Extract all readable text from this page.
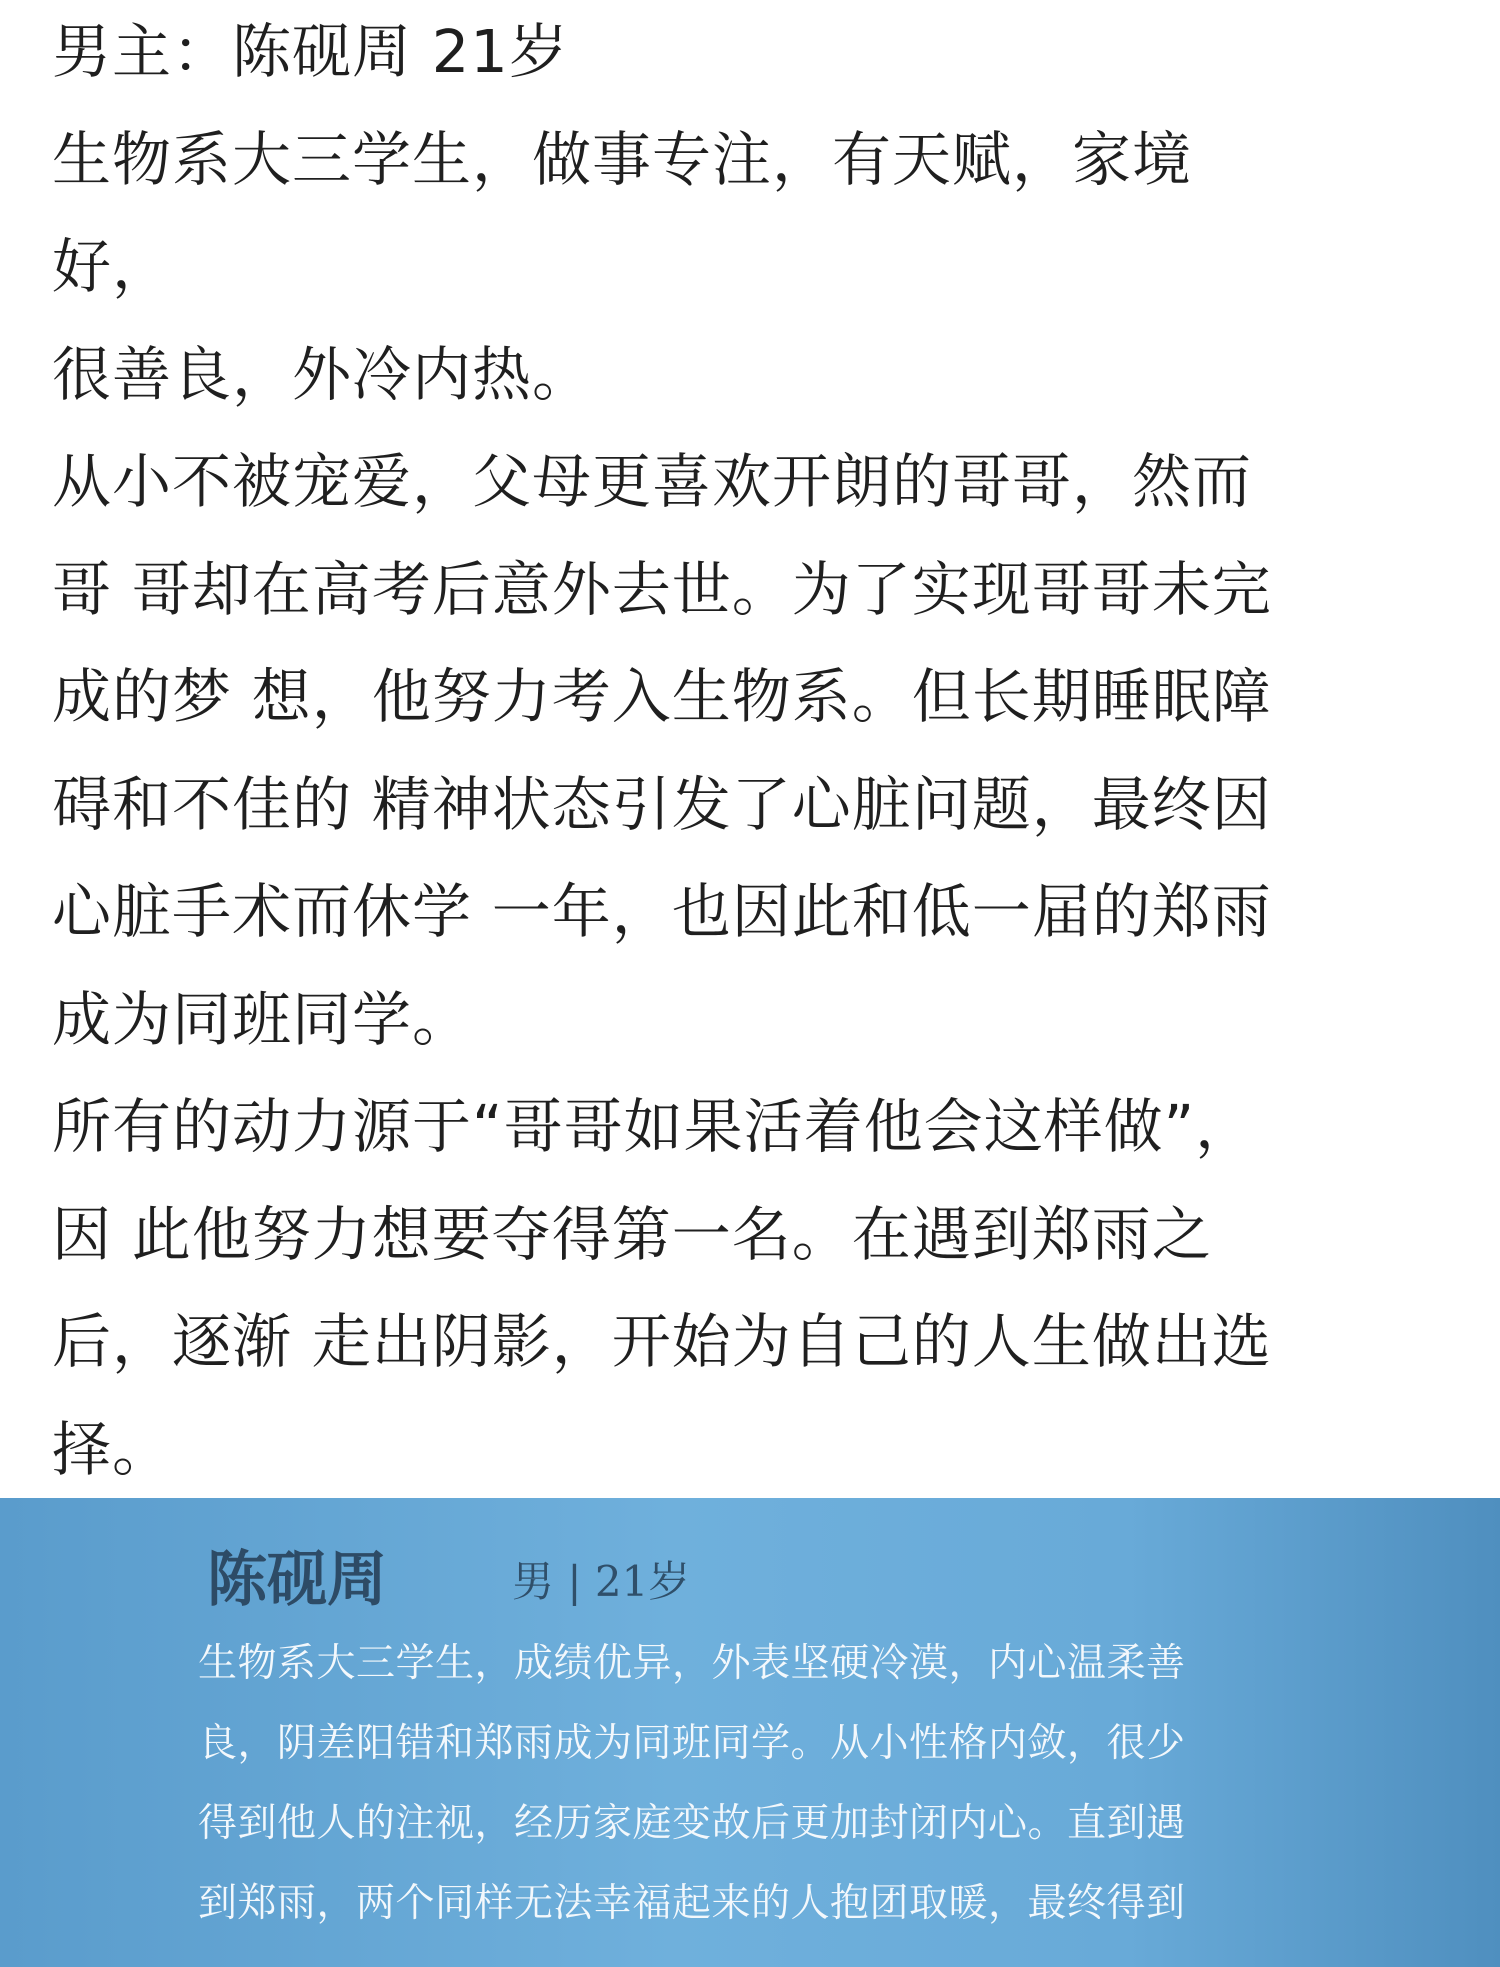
男主：陈砚周 21岁
生物系大三学生，做事专注，有天赋，家境
好，
很善良，外冷内热。
从小不被宠爱，父母更喜欢开朗的哥哥，然而
哥 哥却在高考后意外去世。为了实现哥哥未完
成的梦 想，他努力考入生物系。但长期睡眠障
碍和不佳的 精神状态引发了心脏问题，最终因
心脏手术而休学 一年，也因此和低一届的郑雨
成为同班同学。
所有的动力源于“哥哥如果活着他会这样做”，
因 此他努力想要夺得第一名。在遇到郑雨之
后，逐渐 走出阴影，开始为自己的人生做出选
择。
陈砚周	男 | 21岁
生物系大三学生，成绩优异，外表坚硬冷漠，内心温柔善
良，阴差阳错和郑雨成为同班同学。从小性格内敛，很少
得到他人的注视，经历家庭变故后更加封闭内心。直到遇
到郑雨，两个同样无法幸福起来的人抱团取暖，最终得到
